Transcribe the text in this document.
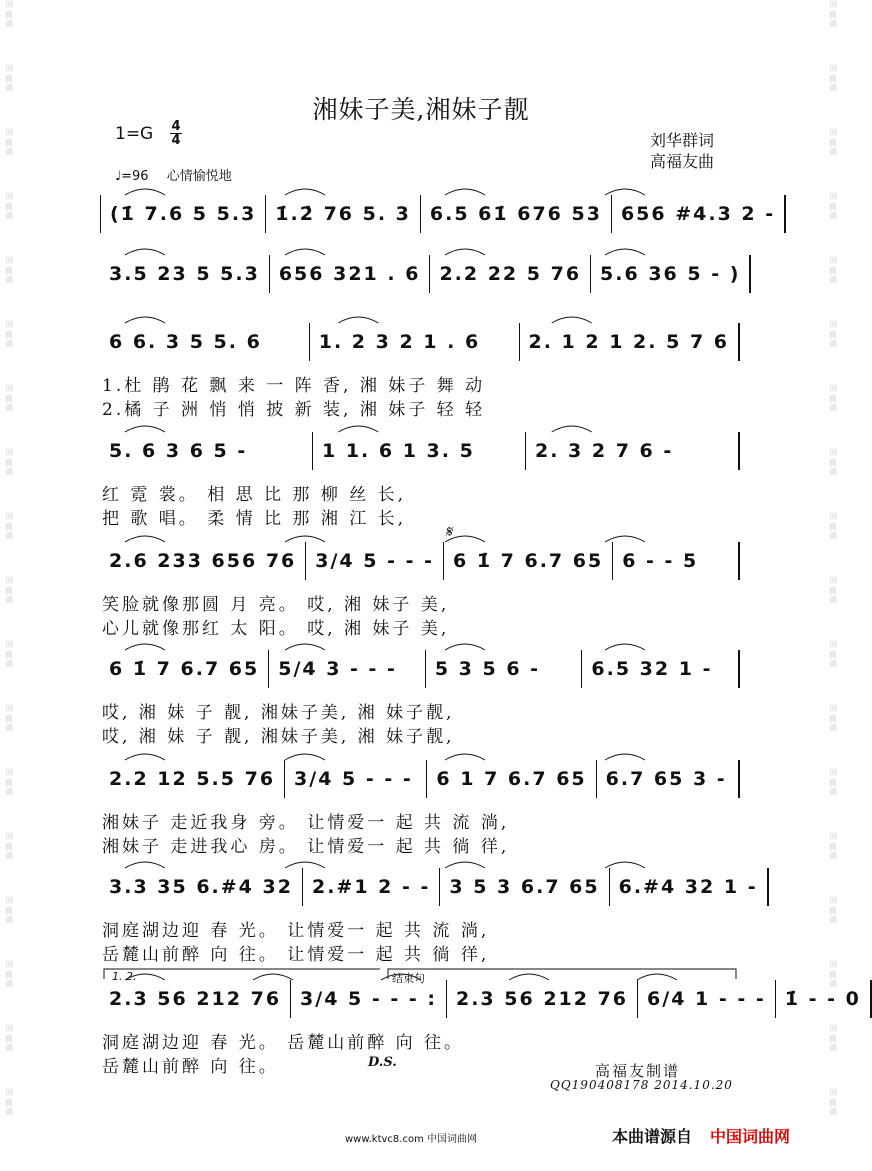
词
曲
网
词
曲
网
词
曲
网
词
曲
网
词
曲
网
词
曲
网
词
曲
网
词
曲
网
词
曲
网
词
曲
网
词
曲
网
词
曲
网
词
曲
网
词
曲
网
词
曲
网
词
曲
网
词
曲
网
词
曲
网
词
曲
网
词
曲
网
词
曲
网
词
曲
网
词
曲
网
词
曲
网
词
曲
网
词
曲
网
词
曲
网
词
曲
网
词
曲
网
词
曲
网
词
曲
网
词
曲
网
词
曲
网
词
曲
网
词
曲
网
词
曲
网
湘妹子美,湘妹子靓
1=G 4
4
♩=96 心情愉悦地
刘华群词
高福友曲
𝄋
(1̇ 7.6 5 5.3	1̇.2̇ 76 5. 3	6.5 61̇ 676 53	656 #4.3 2 -
3.5 23 5 5.3	656 321 . 6	2.2 22 5 76	5.6 36 5 - )
6 6. 3 5 5. 6	1. 2 3 2 1 . 6	2. 1 2 1 2. 5 7 6
1.杜 鹃 花 飘 来 一 阵 香, 湘 妹子 舞 动
2.橘 子 洲 悄 悄 披 新 装, 湘 妹子 轻 轻
5. 6 3 6 5 -	1 1. 6 1 3. 5	2. 3 2 7 6 -
红 霓 裳。 相 思 比 那 柳 丝 长,
把 歌 唱。 柔 情 比 那 湘 江 长,
2.6 233 656 76	3/4 5 - - -	6 1̇ 7 6.7 65	6 - - 5
笑脸就像那圆 月 亮。 哎, 湘 妹子 美,
心儿就像那红 太 阳。 哎, 湘 妹子 美,
6 1̇ 7 6.7 65	5/4 3 - - -	5 3 5 6 -	6.5 32 1 -
哎, 湘 妹 子 靓, 湘妹子美, 湘 妹子靓,
哎, 湘 妹 子 靓, 湘妹子美, 湘 妹子靓,
2.2 12 5.5 76	3/4 5 - - -	6 1 7 6.7 65	6.7 65 3 -
湘妹子 走近我身 旁。 让情爱一 起 共 流 淌,
湘妹子 走进我心 房。 让情爱一 起 共 徜 徉,
3.3 35 6.#4 32	2.#1 2 - -	3 5 3 6.7 65	6.#4 32 1 -
洞庭湖边迎 春 光。 让情爱一 起 共 流 淌,
岳麓山前醉 向 往。 让情爱一 起 共 徜 徉,
2.3 56 212 76	3/4 5 - - - :	2.3 56 212 76	6/4 1 - - -	1̇ - - 0
洞庭湖边迎 春 光。 岳麓山前醉 向 往。
岳麓山前醉 向 往。
1. 2.	结束句
D.S.	高福友制谱
QQ190408178 2014.10.20
www.ktvc8.com 中国词曲网	本曲谱源自 中国词曲网
